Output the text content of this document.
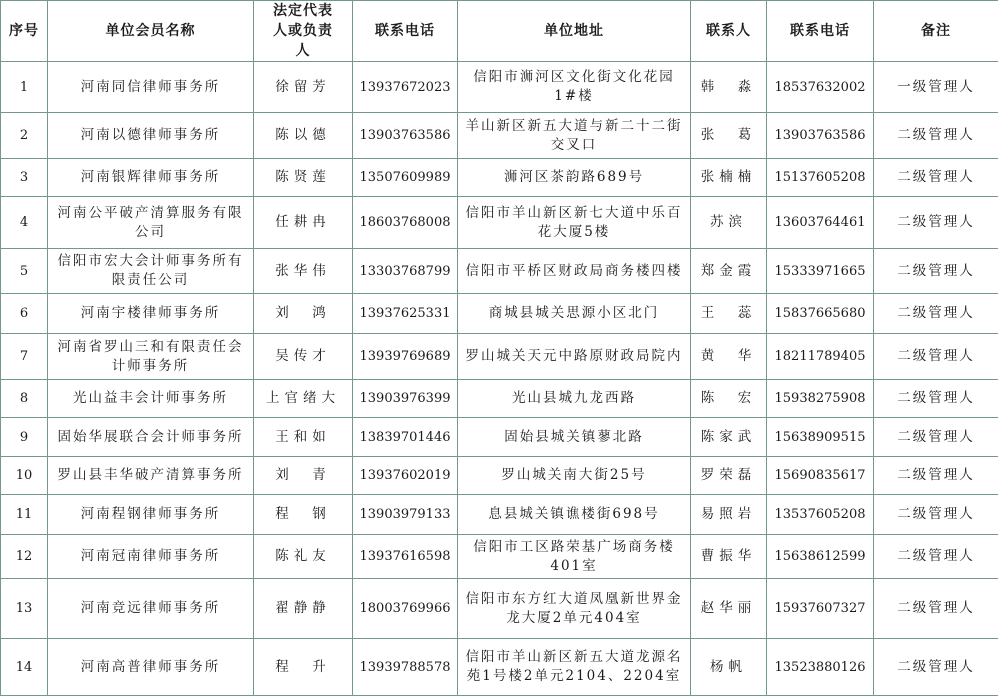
序号	单位会员名称	法定代表人或负责人	联系电话	单位地址	联系人	联系电话	备注
1	河南同信律师事务所	徐留芳	13937672023	信阳市浉河区文化街文化花园1#楼	韩　淼	18537632002	一级管理人
2	河南以德律师事务所	陈以德	13903763586	羊山新区新五大道与新二十二街交叉口	张　葛	13903763586	二级管理人
3	河南银辉律师事务所	陈贤莲	13507609989	浉河区茶韵路689号	张楠楠	15137605208	二级管理人
4	河南公平破产清算服务有限公司	任耕冉	18603768008	信阳市羊山新区新七大道中乐百花大厦5楼	苏滨	13603764461	二级管理人
5	信阳市宏大会计师事务所有限责任公司	张华伟	13303768799	信阳市平桥区财政局商务楼四楼	郑金霞	15333971665	二级管理人
6	河南宇楼律师事务所	刘　鸿	13937625331	商城县城关思源小区北门	王　蕊	15837665680	二级管理人
7	河南省罗山三和有限责任会计师事务所	吴传才	13939769689	罗山城关天元中路原财政局院内	黄　华	18211789405	二级管理人
8	光山益丰会计师事务所	上官绪大	13903976399	光山县城九龙西路	陈　宏	15938275908	二级管理人
9	固始华展联合会计师事务所	王和如	13839701446	固始县城关镇蓼北路	陈家武	15638909515	二级管理人
10	罗山县丰华破产清算事务所	刘　青	13937602019	罗山城关南大街25号	罗荣磊	15690835617	二级管理人
11	河南程钢律师事务所	程　钢	13903979133	息县城关镇谯楼街698号	易照岩	13537605208	二级管理人
12	河南冠南律师事务所	陈礼友	13937616598	信阳市工区路荣基广场商务楼401室	曹振华	15638612599	二级管理人
13	河南竞远律师事务所	翟静静	18003769966	信阳市东方红大道凤凰新世界金龙大厦2单元404室	赵华丽	15937607327	二级管理人
14	河南高普律师事务所	程　升	13939788578	信阳市羊山新区新五大道龙源名苑1号楼2单元2104、2204室	杨帆	13523880126	二级管理人
